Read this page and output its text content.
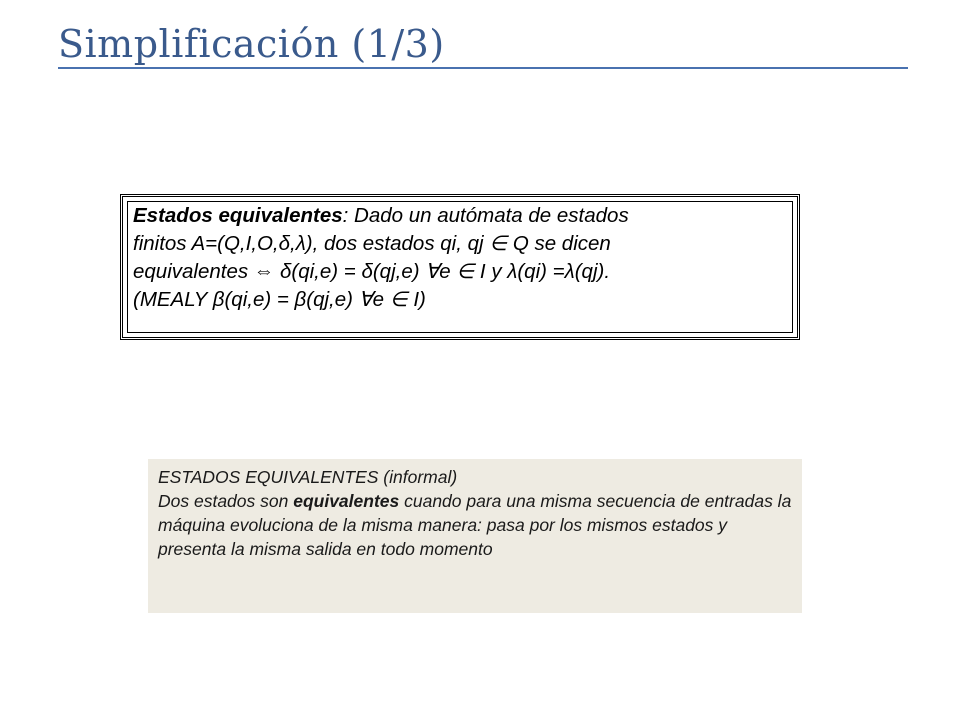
Simplificación (1/3)
Estados equivalentes: Dado un autómata de estados
finitos A=(Q,I,O,δ,λ), dos estados qi, qj ∈ Q se dicen
equivalentes ⇔ δ(qi,e) = δ(qj,e) ∀e ∈ I y λ(qi) =λ(qj).
(MEALY β(qi,e) = β(qj,e) ∀e ∈ I)
ESTADOS EQUIVALENTES (informal)
Dos estados son equivalentes cuando para una misma secuencia de entradas la máquina evoluciona de la misma manera: pasa por los mismos estados y presenta la misma salida en todo momento
